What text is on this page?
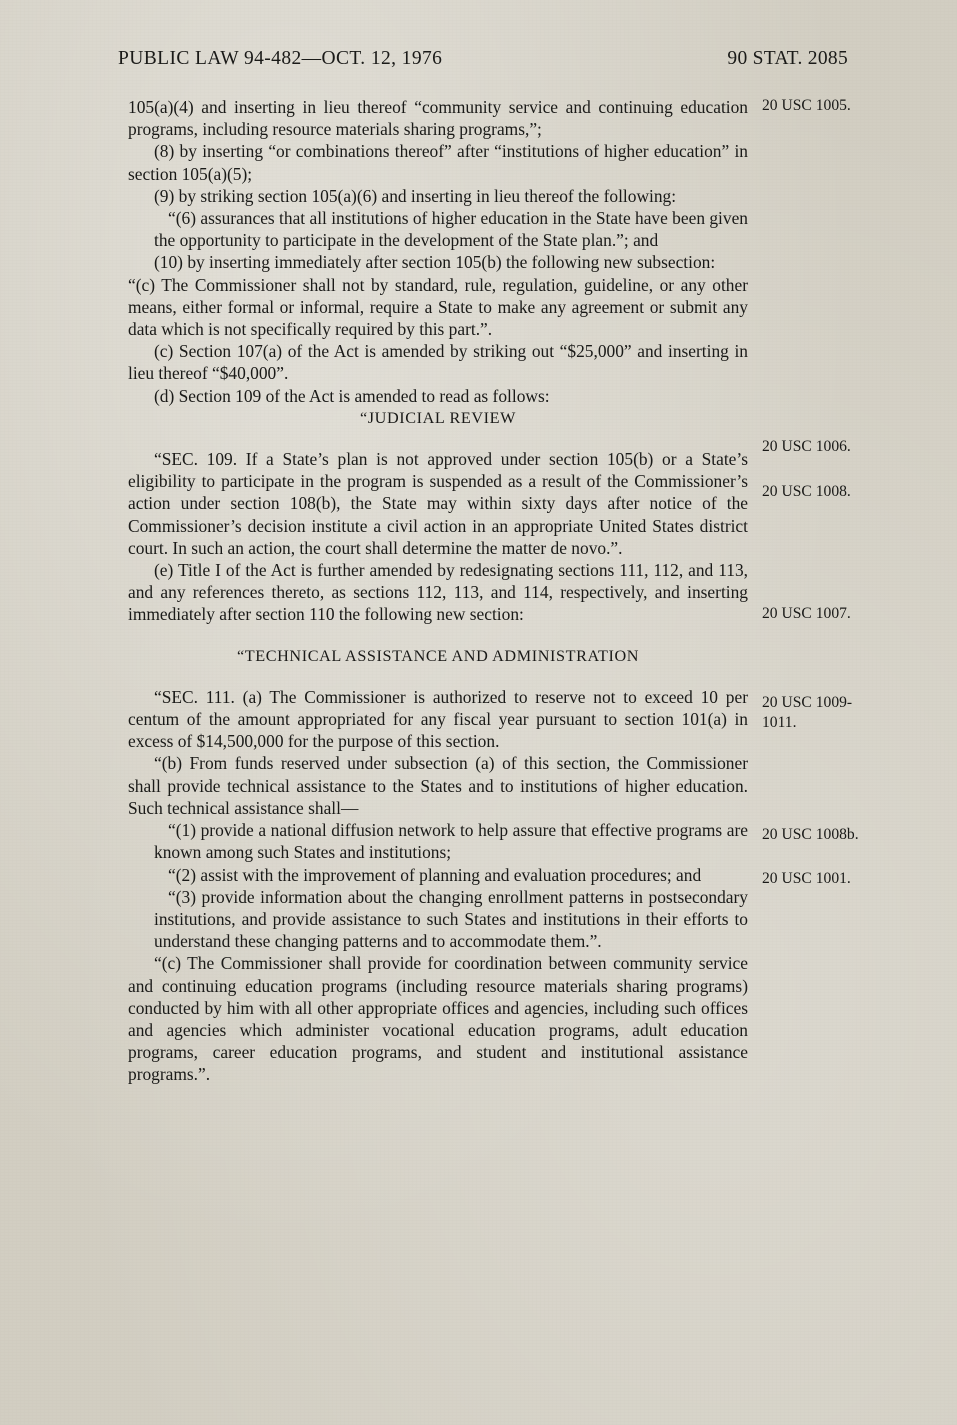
PUBLIC LAW 94-482—OCT. 12, 1976	90 STAT. 2085

105(a)(4) and inserting in lieu thereof “community service and continuing education programs, including resource materials sharing programs,”;

(8) by inserting “or combinations thereof” after “institutions of higher education” in section 105(a)(5);

(9) by striking section 105(a)(6) and inserting in lieu thereof the following:

“(6) assurances that all institutions of higher education in the State have been given the opportunity to participate in the development of the State plan.”; and

(10) by inserting immediately after section 105(b) the following new subsection:

“(c) The Commissioner shall not by standard, rule, regulation, guideline, or any other means, either formal or informal, require a State to make any agreement or submit any data which is not specifically required by this part.”.

(c) Section 107(a) of the Act is amended by striking out “$25,000” and inserting in lieu thereof “$40,000”.

(d) Section 109 of the Act is amended to read as follows:

“JUDICIAL REVIEW

“SEC. 109. If a State’s plan is not approved under section 105(b) or a State’s eligibility to participate in the program is suspended as a result of the Commissioner’s action under section 108(b), the State may within sixty days after notice of the Commissioner’s decision institute a civil action in an appropriate United States district court. In such an action, the court shall determine the matter de novo.”.

(e) Title I of the Act is further amended by redesignating sections 111, 112, and 113, and any references thereto, as sections 112, 113, and 114, respectively, and inserting immediately after section 110 the following new section:

“TECHNICAL ASSISTANCE AND ADMINISTRATION

“SEC. 111. (a) The Commissioner is authorized to reserve not to exceed 10 per centum of the amount appropriated for any fiscal year pursuant to section 101(a) in excess of $14,500,000 for the purpose of this section.

“(b) From funds reserved under subsection (a) of this section, the Commissioner shall provide technical assistance to the States and to institutions of higher education. Such technical assistance shall—

“(1) provide a national diffusion network to help assure that effective programs are known among such States and institutions;

“(2) assist with the improvement of planning and evaluation procedures; and

“(3) provide information about the changing enrollment patterns in postsecondary institutions, and provide assistance to such States and institutions in their efforts to understand these changing patterns and to accommodate them.”.

“(c) The Commissioner shall provide for coordination between community service and continuing education programs (including resource materials sharing programs) conducted by him with all other appropriate offices and agencies, including such offices and agencies which administer vocational education programs, adult education programs, career education programs, and student and institutional assistance programs.”.

20 USC 1005.
20 USC 1006.
20 USC 1008.
20 USC 1007.
20 USC 1009-
1011.
20 USC 1008b.
20 USC 1001.
